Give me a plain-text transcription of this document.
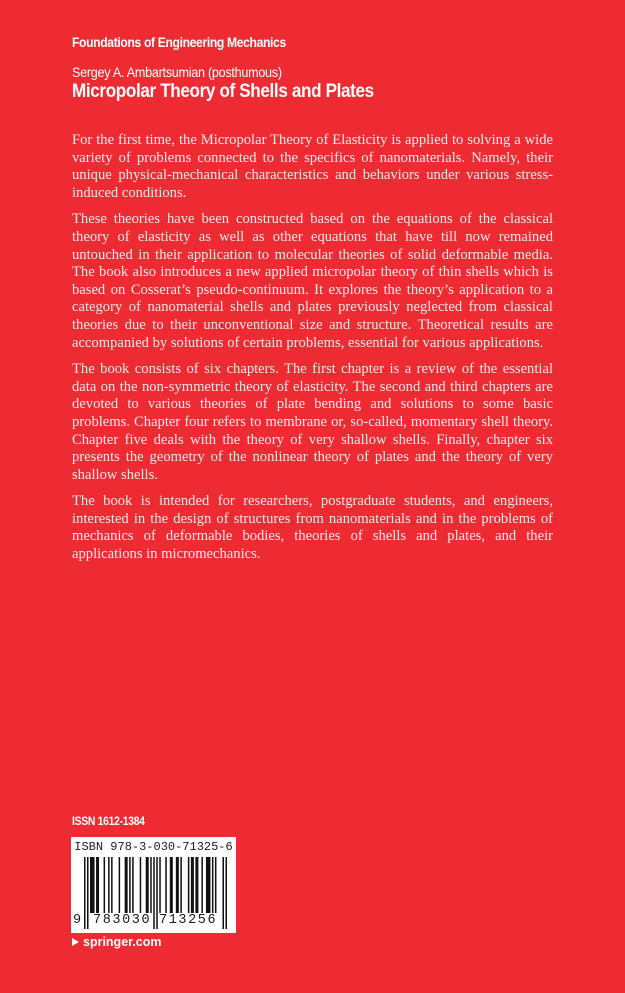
Foundations of Engineering Mechanics
Sergey A. Ambartsumian (posthumous)
Micropolar Theory of Shells and Plates

For the first time, the Micropolar Theory of Elasticity is applied to solving a wide variety of problems connected to the specifics of nanomaterials. Namely, their unique physical-mechanical characteristics and behaviors under various stress-induced conditions.

These theories have been constructed based on the equations of the classical theory of elasticity as well as other equations that have till now remained untouched in their application to molecular theories of solid deformable media. The book also introduces a new applied micropolar theory of thin shells which is based on Cosserat’s pseudo-continuum. It explores the theory’s application to a category of nanomaterial shells and plates previously neglected from classical theories due to their unconventional size and structure. Theoretical results are accompanied by solutions of certain problems, essential for various applications.

The book consists of six chapters. The first chapter is a review of the essential data on the non-symmetric theory of elasticity. The second and third chapters are devoted to various theories of plate bending and solutions to some basic problems. Chapter four refers to membrane or, so-called, momentary shell theory. Chapter five deals with the theory of very shallow shells. Finally, chapter six presents the geometry of the nonlinear theory of plates and the theory of very shallow shells.

The book is intended for researchers, postgraduate students, and engineers, interested in the design of structures from nanomaterials and in the problems of mechanics of deformable bodies, theories of shells and plates, and their applications in micromechanics.

ISSN 1612-1384
ISBN 978-3-030-71325-6
9 783030 713256
springer.com
